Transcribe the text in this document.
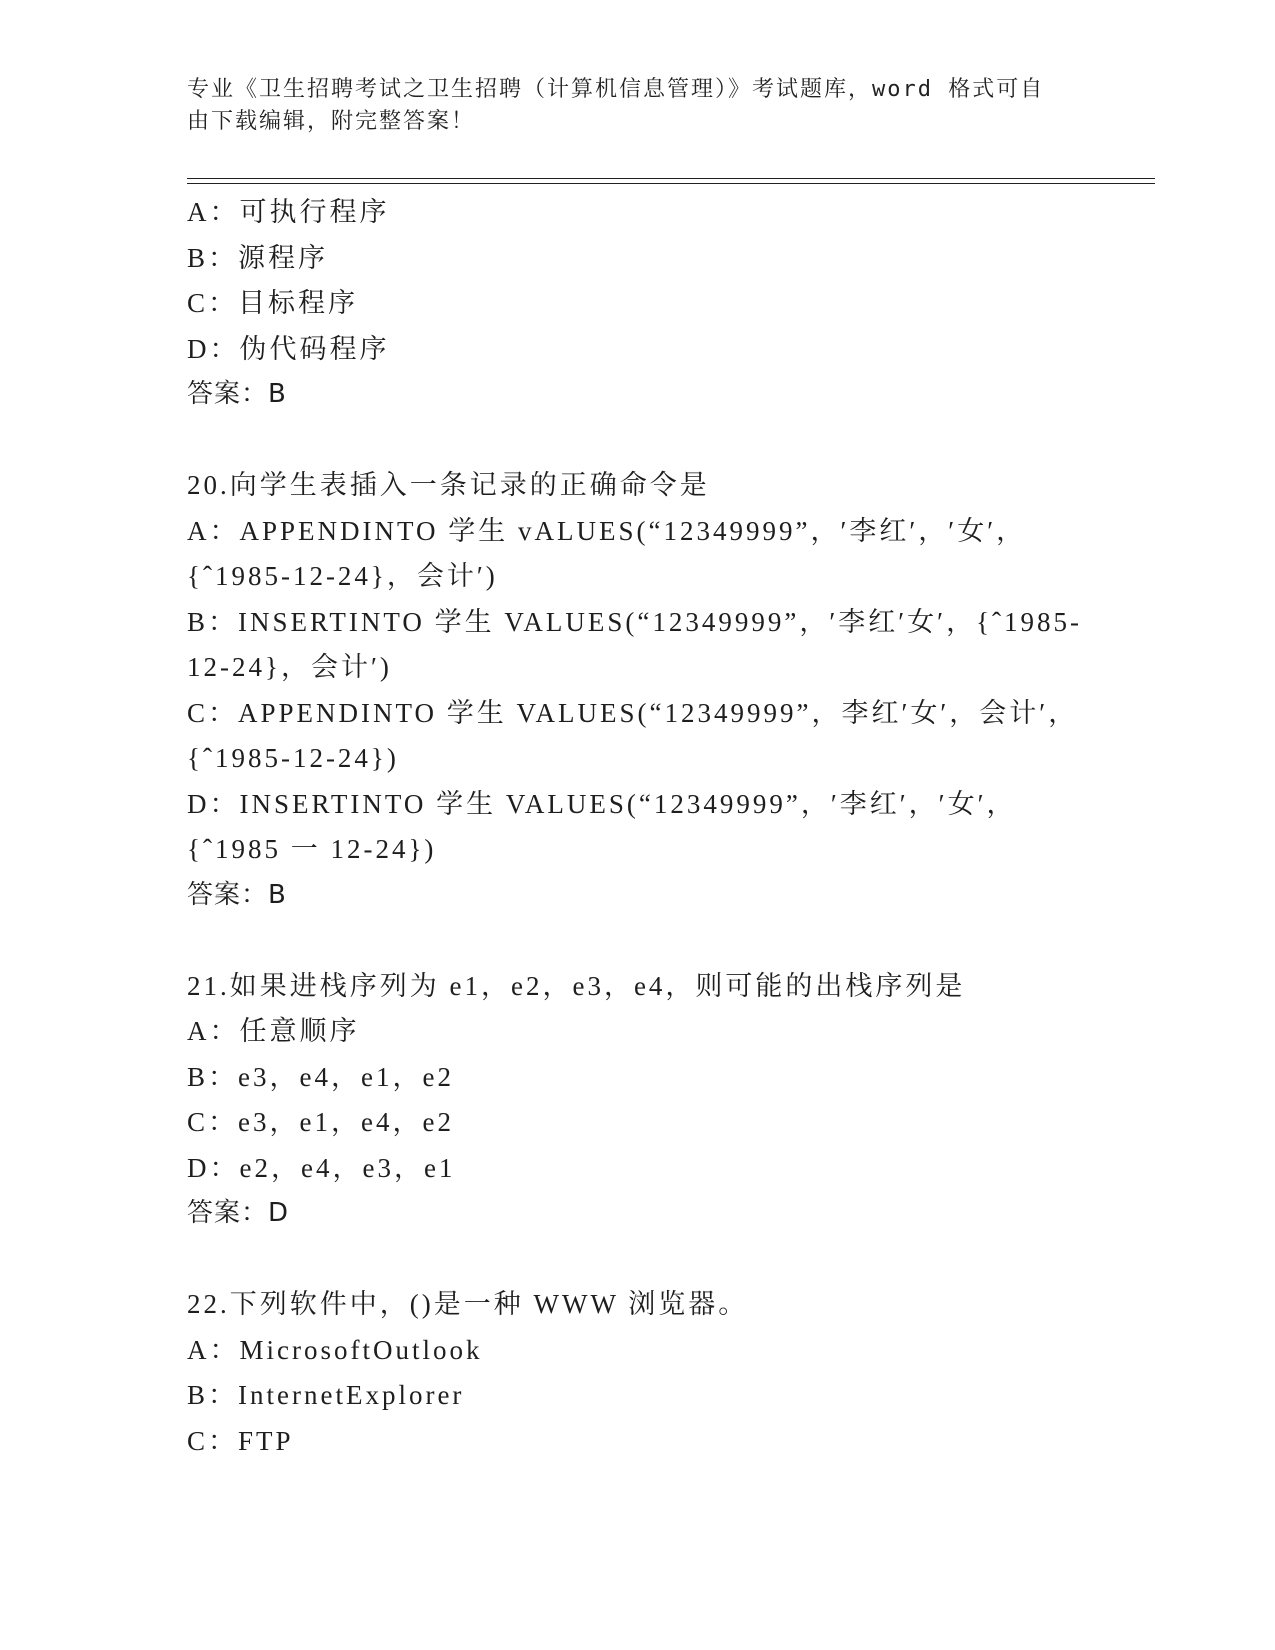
专业《卫生招聘考试之卫生招聘（计算机信息管理）》考试题库，word 格式可自
由下载编辑，附完整答案！
A：可执行程序
B：源程序
C：目标程序
D：伪代码程序
答案：B
20.向学生表插入一条记录的正确命令是
A：APPENDINTO 学生 vALUES(“12349999”，′李红′，′女′，
{ˆ1985-12-24}，会计′)
B：INSERTINTO 学生 VALUES(“12349999”，′李红′女′，{ˆ1985-
12-24}，会计′)
C：APPENDINTO 学生 VALUES(“12349999”，李红′女′，会计′，
{ˆ1985-12-24})
D：INSERTINTO 学生 VALUES(“12349999”，′李红′，′女′，
{ˆ1985 一 12-24})
答案：B
21.如果进栈序列为 e1，e2，e3，e4，则可能的出栈序列是
A：任意顺序
B：e3，e4，e1，e2
C：e3，e1，e4，e2
D：e2，e4，e3，e1
答案：D
22.下列软件中，()是一种 WWW 浏览器。
A：MicrosoftOutlook
B：InternetExplorer
C：FTP
